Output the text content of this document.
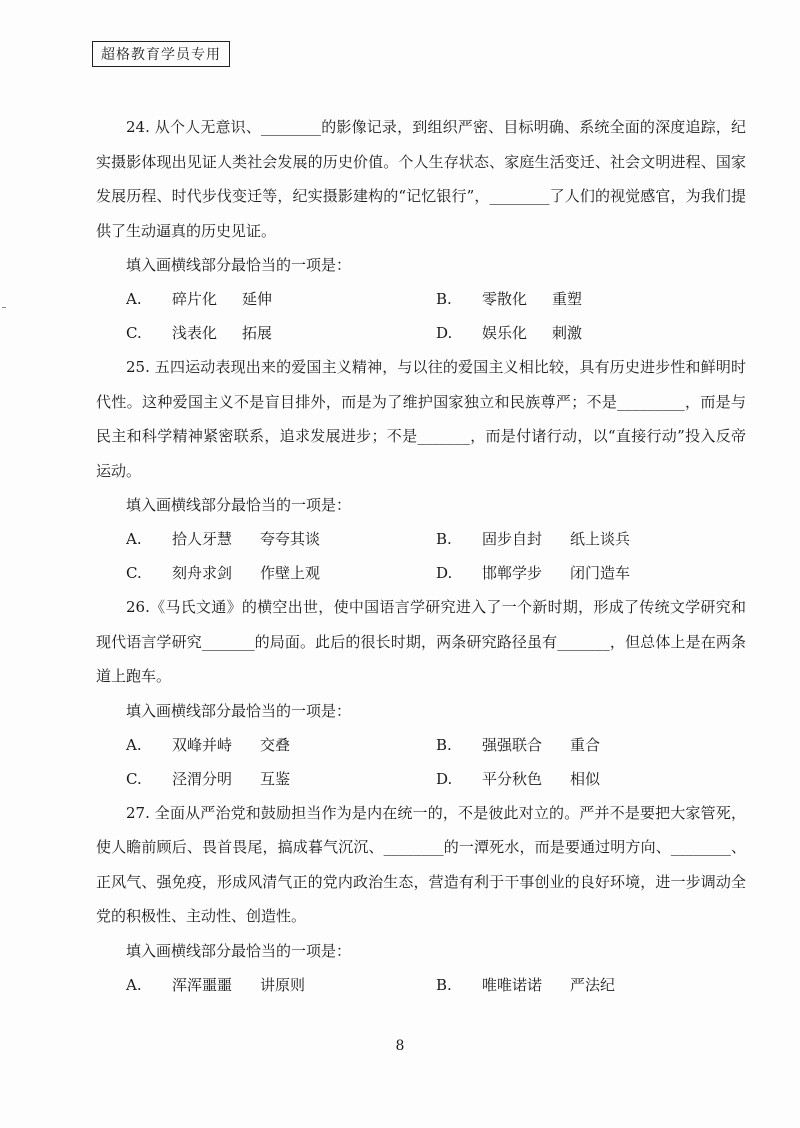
超格教育学员专用

24. 从个人无意识、________的影像记录，到组织严密、目标明确、系统全面的深度追踪，纪实摄影体现出见证人类社会发展的历史价值。个人生存状态、家庭生活变迁、社会文明进程、国家发展历程、时代步伐变迁等，纪实摄影建构的“记忆银行”，________了人们的视觉感官，为我们提供了生动逼真的历史见证。

填入画横线部分最恰当的一项是：

A.	碎片化	延伸	B.	零散化	重塑
C.	浅表化	拓展	D.	娱乐化	刺激

25. 五四运动表现出来的爱国主义精神，与以往的爱国主义相比较，具有历史进步性和鲜明时代性。这种爱国主义不是盲目排外，而是为了维护国家独立和民族尊严；不是_________，而是与民主和科学精神紧密联系，追求发展进步；不是_______，而是付诸行动，以“直接行动”投入反帝运动。

填入画横线部分最恰当的一项是：

A.	拾人牙慧	夸夸其谈	B.	固步自封	纸上谈兵
C.	刻舟求剑	作壁上观	D.	邯郸学步	闭门造车

26.《马氏文通》的横空出世，使中国语言学研究进入了一个新时期，形成了传统文学研究和现代语言学研究_______的局面。此后的很长时期，两条研究路径虽有_______，但总体上是在两条道上跑车。

填入画横线部分最恰当的一项是：

A.	双峰并峙	交叠	B.	强强联合	重合
C.	泾渭分明	互鉴	D.	平分秋色	相似

27. 全面从严治党和鼓励担当作为是内在统一的，不是彼此对立的。严并不是要把大家管死，使人瞻前顾后、畏首畏尾，搞成暮气沉沉、________的一潭死水，而是要通过明方向、________、正风气、强免疫，形成风清气正的党内政治生态，营造有利于干事创业的良好环境，进一步调动全党的积极性、主动性、创造性。

填入画横线部分最恰当的一项是：

A.	浑浑噩噩	讲原则	B.	唯唯诺诺	严法纪
8
